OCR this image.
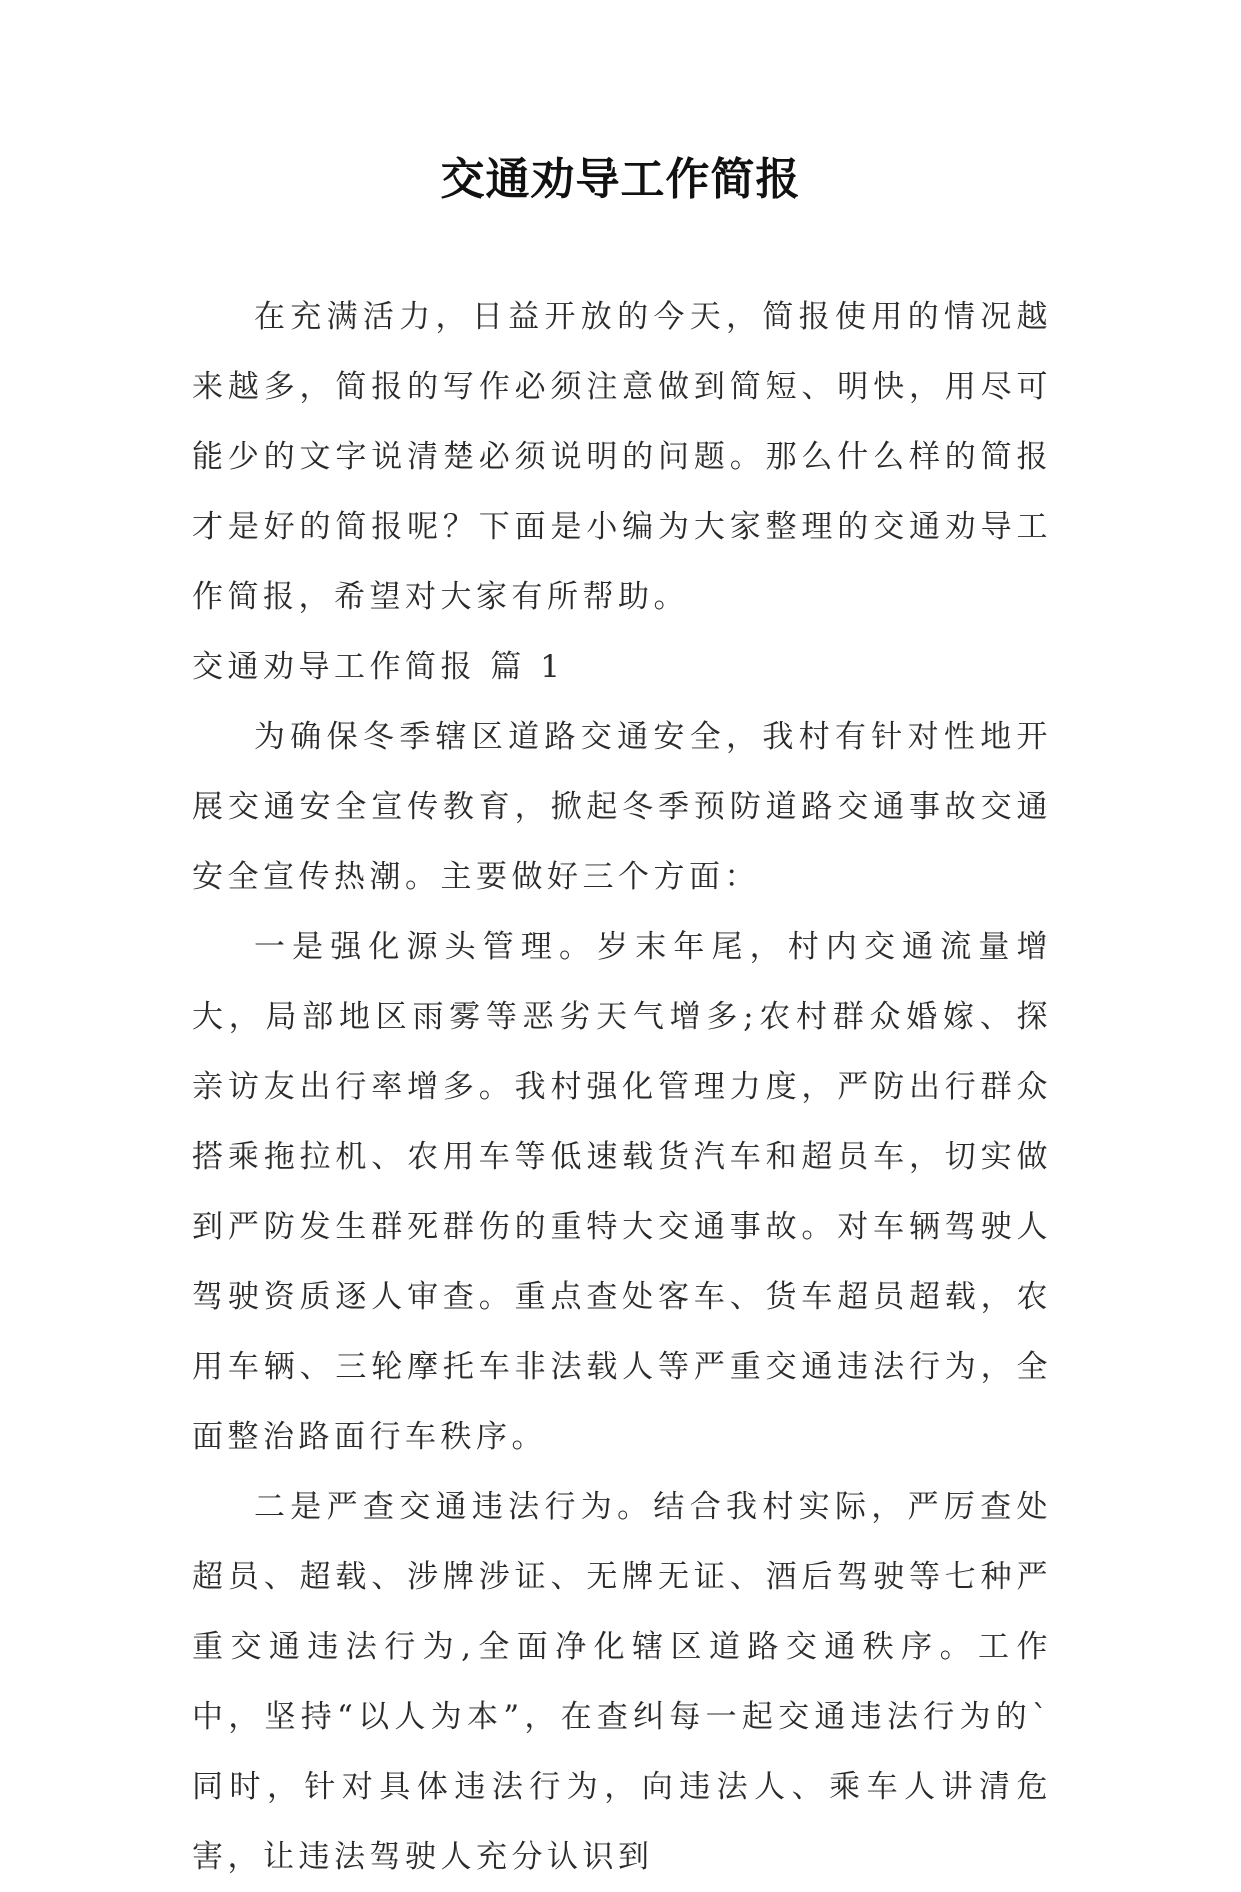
交通劝导工作简报

在充满活力，日益开放的今天，简报使用的情况越来越多，简报的写作必须注意做到简短、明快，用尽可能少的文字说清楚必须说明的问题。那么什么样的简报才是好的简报呢？下面是小编为大家整理的交通劝导工作简报，希望对大家有所帮助。

交通劝导工作简报 篇 1

为确保冬季辖区道路交通安全，我村有针对性地开展交通安全宣传教育，掀起冬季预防道路交通事故交通安全宣传热潮。主要做好三个方面：

一是强化源头管理。岁末年尾，村内交通流量增大，局部地区雨雾等恶劣天气增多;农村群众婚嫁、探亲访友出行率增多。我村强化管理力度，严防出行群众搭乘拖拉机、农用车等低速载货汽车和超员车，切实做到严防发生群死群伤的重特大交通事故。对车辆驾驶人驾驶资质逐人审查。重点查处客车、货车超员超载，农用车辆、三轮摩托车非法载人等严重交通违法行为，全面整治路面行车秩序。

二是严查交通违法行为。结合我村实际，严厉查处超员、超载、涉牌涉证、无牌无证、酒后驾驶等七种严重交通违法行为,全面净化辖区道路交通秩序。工作中，坚持“以人为本”，在查纠每一起交通违法行为的`同时，针对具体违法行为，向违法人、乘车人讲清危害，让违法驾驶人充分认识到
